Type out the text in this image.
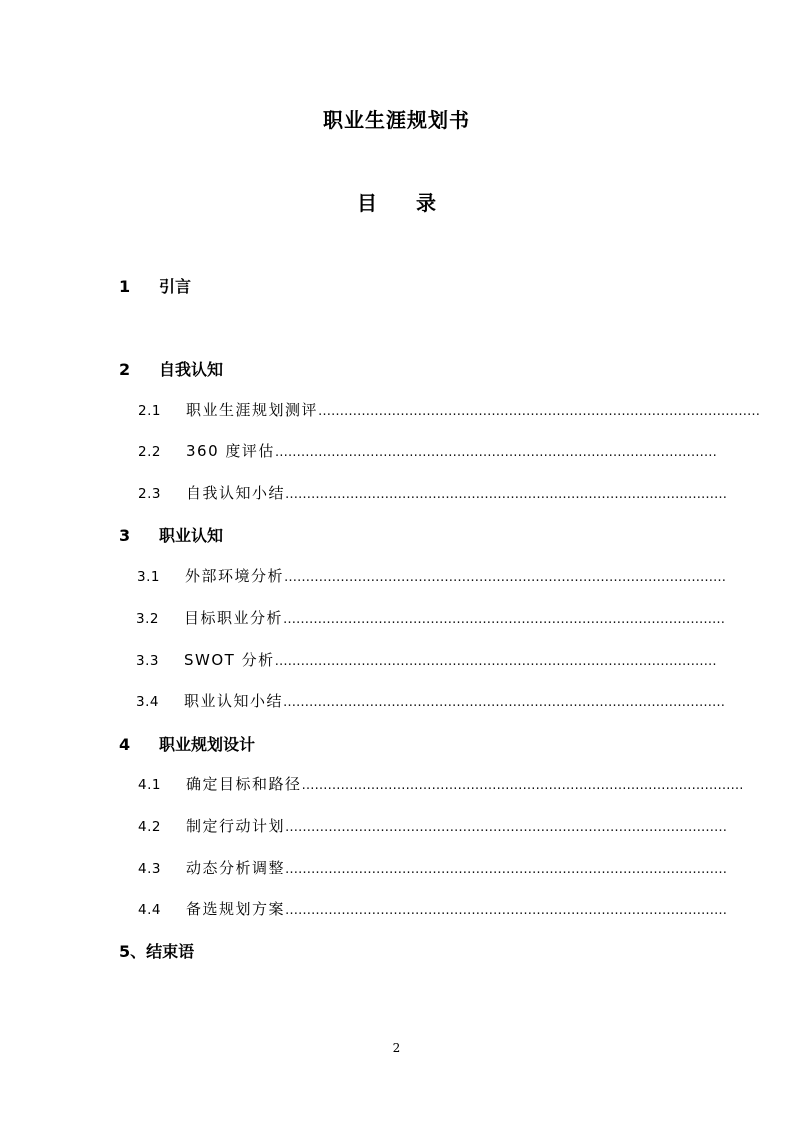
职业生涯规划书
目 录
1 引言
2 自我认知
2.1	职业生涯规划测评 …………………………………………………………………………………………
2.2	360 度评估 …………………………………………………………………………………………
2.3	自我认知小结 …………………………………………………………………………………………
3 职业认知
3.1	外部环境分析 …………………………………………………………………………………………
3.2	目标职业分析 …………………………………………………………………………………………
3.3	SWOT 分析 …………………………………………………………………………………………
3.4	职业认知小结 …………………………………………………………………………………………
4 职业规划设计
4.1	确定目标和路径 …………………………………………………………………………………………
4.2	制定行动计划 …………………………………………………………………………………………
4.3	动态分析调整 …………………………………………………………………………………………
4.4	备选规划方案 …………………………………………………………………………………………
5、结束语
2
